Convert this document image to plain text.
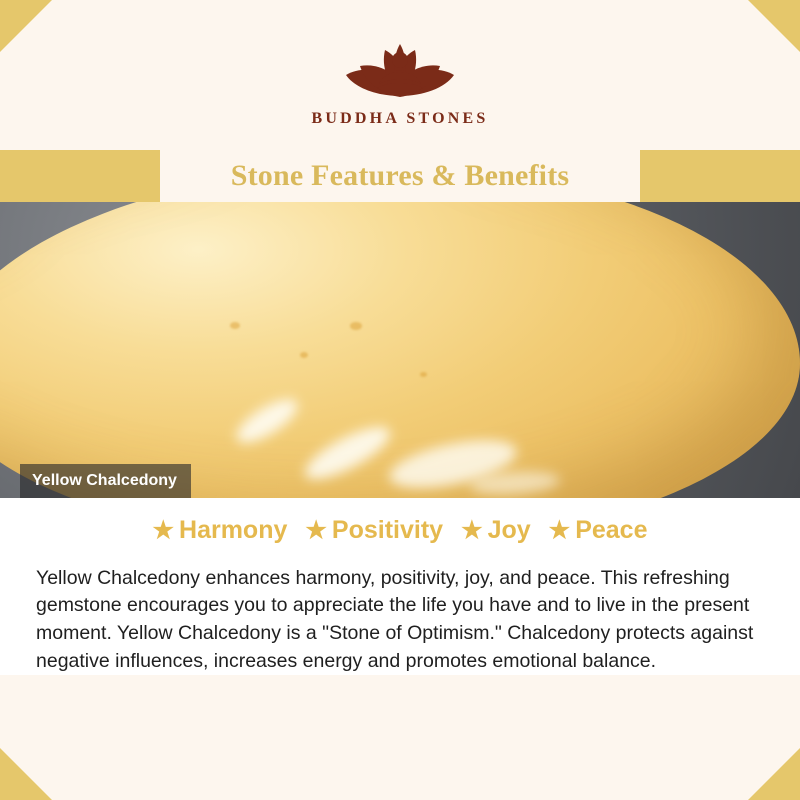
BUDDHA STONES
Stone Features & Benefits
Yellow Chalcedony
★ Harmony ★ Positivity ★ Joy ★ Peace

Yellow Chalcedony enhances harmony, positivity, joy, and peace. This refreshing gemstone encourages you to appreciate the life you have and to live in the present moment. Yellow Chalcedony is a "Stone of Optimism." Chalcedony protects against negative influences, increases energy and promotes emotional balance.
